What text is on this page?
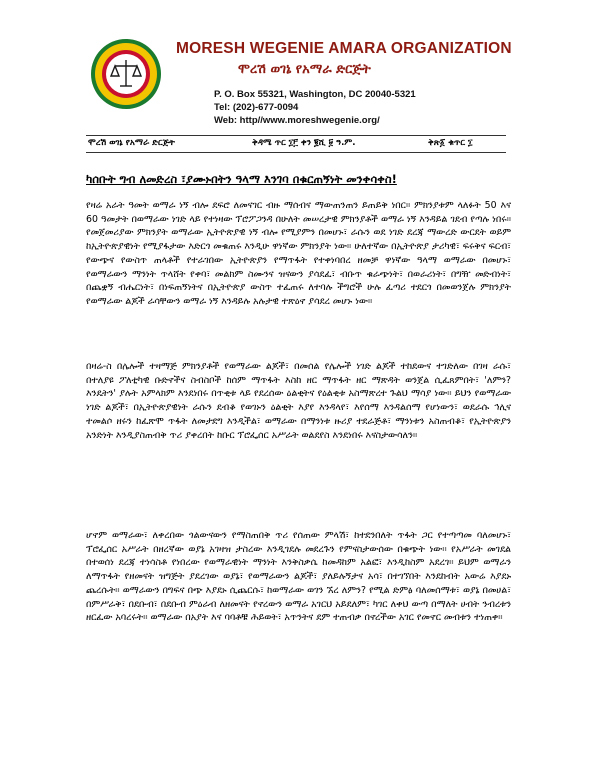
MORESH WEGENIE AMARA ORGANIZATION
ሞረሽ ወገኔ የአማራ ድርጅት
P. O. Box 55321, Washington, DC 20040-5321
Tel: (202)-677-0094
Web: http//www.moreshwegenie.org/
ሞረሽ ወገኔ የአማራ ድርጅት	ቅዳሜ ጥር ፲፫ ቀን ፪ሺ ፱ ዓ.ም.	ቅጽ፩ ቁጥር ፲
ካሰቡት ግብ ለመድረስ ፣ያሙኑበትን ዓላማ እንገባ በቁርጠኝነት መንቀሳቀስ!

የዛሬ አራት ዓመት ወማራ ነኝ ብሎ ደፍሮ ለመናገር ብዙ ማሰብና ማውጠንጠን ይጠይቅ ነበር። ምክንያቱም ላለፉት 50 እና 60 ዓመታት በወማራው ነገድ ላይ የተነዛው ፕሮፖጋንዳ በሁለት መሠረታዊ ምክንያቶች ወማራ ነኝ እንዳይል ገደብ የጣሉ ነበሩ። የመጀመሪያው ምክንያት ወማራው ኢትዮጵያዊ ነኝ ብሎ የሚያምን በመሆኑ፣ ራሱን ወደ ነገድ ደረጃ ማውረድ ውርደት ወይም ከኢትዮጵያዊነት የሚያፋታው እድርጎ መቁጠሩ እንዲሁ ዋነኛው ምክንያት ነው። ሁለተኛው በኢትዮጵያ ታሪካዊ፣ ፍሩቅና ፍርብ፣ የውጭና የውስጥ ጠላቶች የተራገበው ኢትዮጵያን የማጥፋት የተቀነባበረ ዘመቻ ዋነኛው ዓላማ ወማራው በመሆኑ፣ የወማራውን ማንነት ጥላሸት የቀባ፣ መልክም ስሙንና ዝናውን ያሳደፈ፣ ብቡጥ ቁራጭነት፣ በወራሪነት፣ በግዥ መድብነት፣ በጨቋኝ ብሔርነት፣ በነፍጠኝነትና በኢትዮጵያ ውስጥ ተፈጠሩ ለተባሉ ችግሮች ሁሉ ፈጣሪ ተደርጎ በመወንጀሉ ምክንያት የወማራው ልጆች ራሳቸውን ወማራ ነኝ እንዳይሉ አሉታዊ ተጽዕኖ ያሳደረ መሆኑ ነው።

በዛሬ-ስ በሌሎች ተዛማጅ ምክንያቶች የወማራው ልጆች፣ በመሰል የሌሎች ነገድ ልጆች ተከደውና ተገድለው በገዛ ራሱ፣ በተለያዩ ፖለቲካዊ ቡድኖችና ስብስቦች ከሰም ማጥፋት እስከ ዘር ማጥፋት ዘር ማጽዳት ወንጀል ሲፈጸምበት፣ 'ለምን? እንዴትን' ያሉት አምላክም እንደነበሩ በጥቂቱ ላይ የደረሰው ዕልቂትና የዕልቂቱ አስማጽረተ ጉልህ ማሳያ ነው። ይህን የወማራው ነገድ ልጆች፣ በኢትዮጵያዊነት ራሱን ደብቆ የወገኑን ዕልቂት እያየ እንዳላየ፣ እየሰማ እንዳልሰማ የሆነውን፣ ወደራሱ ኅሊና ተመልሶ ዘሩን ከፈጽሞ ጥፋት ለመታደግ እንዲችል፣ ወማራው በማንነቱ ዙሪያ ተደራጅቶ፣ ማንነቱን አስጠብቆ፣ የኢትዮጵያን አንድነት እንዲያስጠብቅ ጥሪ ያቀረበት ከቡር ፕሮፌሰር አሥራት ወልደየስ እንደነበሩ እናስታውሳለን።

ሆኖም ወማራው፣ ለቀረበው ጎልውናውን የማስጠበቅ ጥሪ የሰጠው ምላሽ፣ ከተደንበለት ጥፋት ጋር የተጣጣመ ባለመሆኑ፣ ፕሮፌሰር አሥራት በዘረኛው ወያኔ አገዛዝ ታስረው እንዲገደሉ መደረጉን የምናስታውሰው በቁጭት ነው። የአሥራት መገደል በተወሰነ ደረጃ ተነሳስቶ የነበረው የወማራዊነት ማንነት እንቅስቃሴ ከመዳከም አልፎ፣ እንዲከስም አደረገ። ይህም ወማራን ለማጥፋት የዘመናት ዝግጅት ያደረገው ወያኔ፣ የወማራውን ልጆች፣ ያለይሉኝታና አሳ፣ በተገኘበት እንደከብት አውሬ እያደኑ ጨረሱት። ወማራውን በግፍና በጭ እያደኑ ሲጨርሱ፣ ከወማራው ወገን ኧረ ለምን? የሚል ድምፅ ባለመሰማቱ፣ ወያኔ በመሀል፣ በምሥራቅ፣ በደቡብ፣ በደቡብ ምዕራብ ለዘመናት የኖረውን ወማራ አገርህ አይደለም፣ ካገር ለቀህ ውጣ በማለት ሀብት ንብረቱን ዘርፈው አባረሩት። ወማራው በአያት እና ባባቶቹ ሕይወት፣ አጥንትና ደም ተጠብቃ በኖረችው አገር የመኖር መብቱን ተነጠቀ።
